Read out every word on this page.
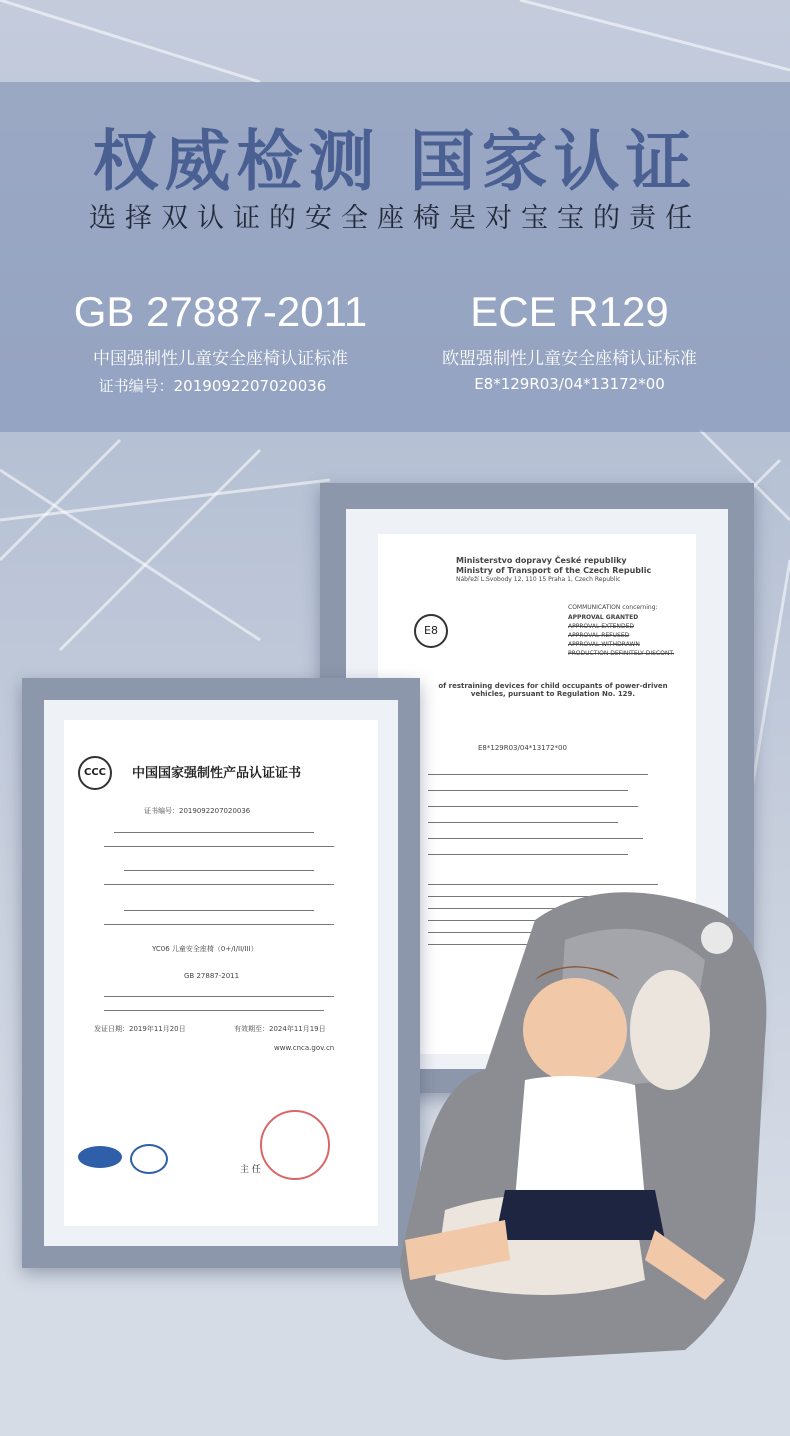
权威检测 国家认证
选择双认证的安全座椅是对宝宝的责任
GB 27887-2011
中国强制性儿童安全座椅认证标准
证书编号：2019092207020036
ECE R129
欧盟强制性儿童安全座椅认证标准
E8*129R03/04*13172*00
Ministerstvo dopravy České republiky
Ministry of Transport of the Czech Republic
Nábřeží L.Svobody 12, 110 15 Praha 1, Czech Republic
E8
COMMUNICATION concerning:
APPROVAL GRANTED
APPROVAL EXTENDED
APPROVAL REFUSED
APPROVAL WITHDRAWN
PRODUCTION DEFINITELY DISCONT.
of restraining devices for child occupants of power-driven vehicles, pursuant to Regulation No. 129.
E8*129R03/04*13172*00
CCC	中国国家强制性产品认证证书
证书编号：2019092207020036
YC06 儿童安全座椅（0+/I/II/III）
GB 27887-2011
发证日期：2019年11月20日	有效期至：2024年11月19日
www.cnca.gov.cn
主 任
